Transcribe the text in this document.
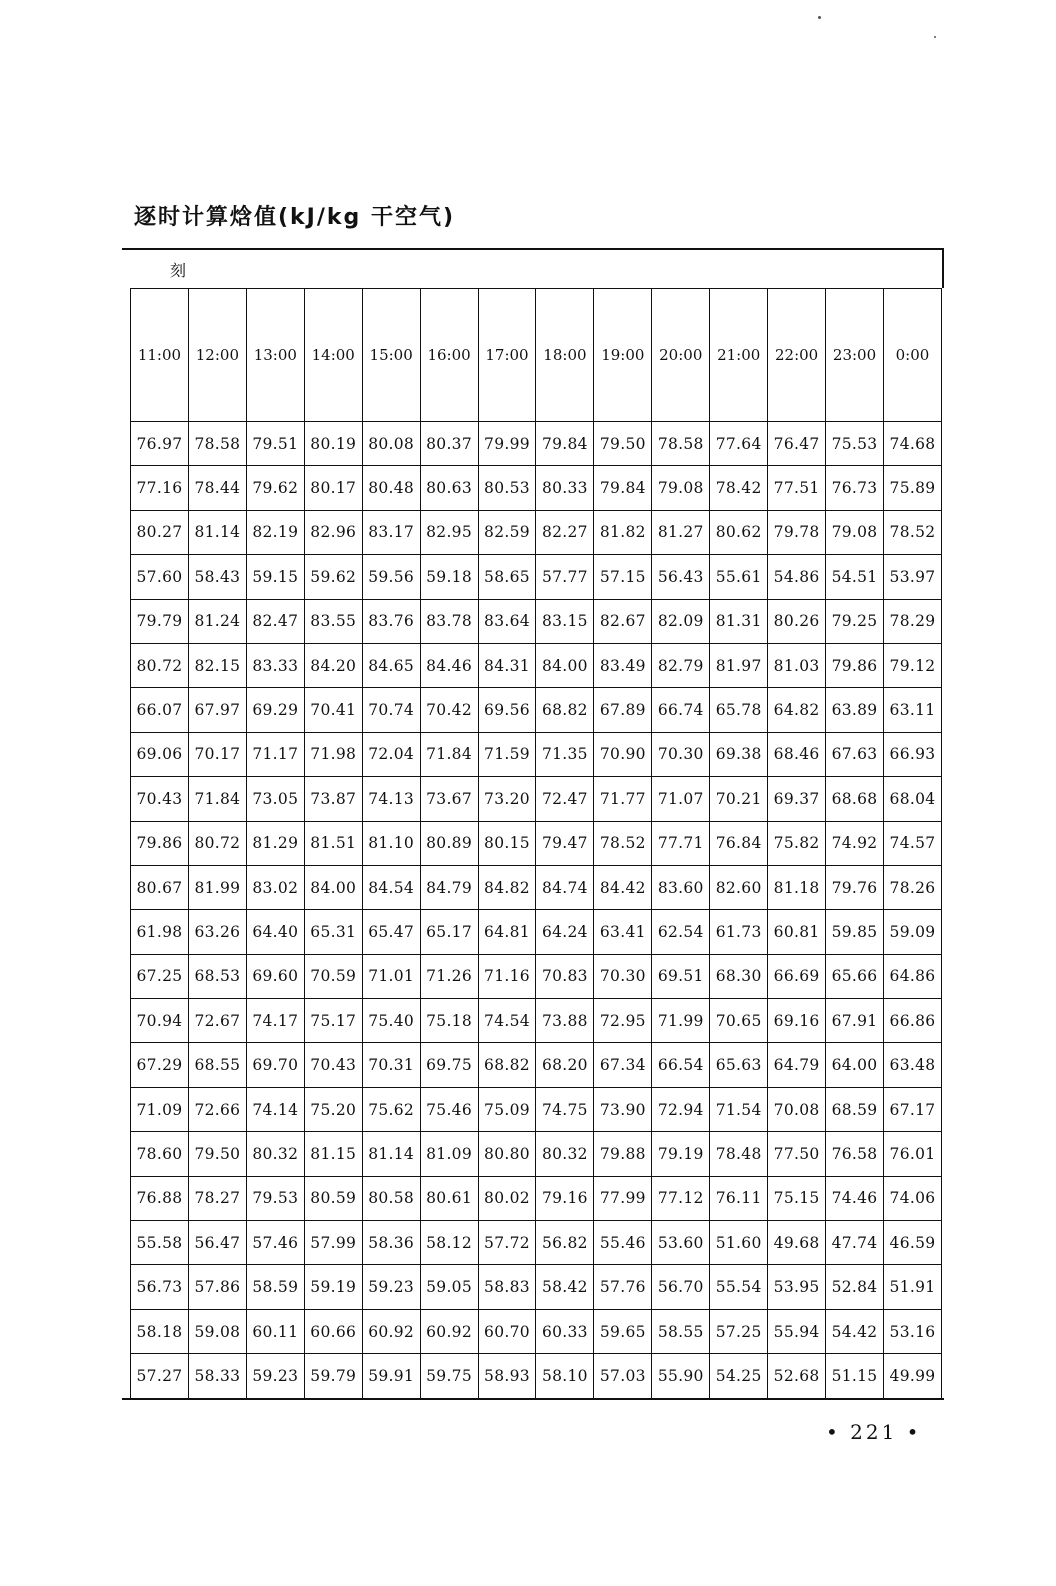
逐时计算焓值(kJ/kg 干空气)
刻
11:00	12:00	13:00	14:00	15:00	16:00	17:00	18:00	19:00	20:00	21:00	22:00	23:00	0:00
76.97	78.58	79.51	80.19	80.08	80.37	79.99	79.84	79.50	78.58	77.64	76.47	75.53	74.68
77.16	78.44	79.62	80.17	80.48	80.63	80.53	80.33	79.84	79.08	78.42	77.51	76.73	75.89
80.27	81.14	82.19	82.96	83.17	82.95	82.59	82.27	81.82	81.27	80.62	79.78	79.08	78.52
57.60	58.43	59.15	59.62	59.56	59.18	58.65	57.77	57.15	56.43	55.61	54.86	54.51	53.97
79.79	81.24	82.47	83.55	83.76	83.78	83.64	83.15	82.67	82.09	81.31	80.26	79.25	78.29
80.72	82.15	83.33	84.20	84.65	84.46	84.31	84.00	83.49	82.79	81.97	81.03	79.86	79.12
66.07	67.97	69.29	70.41	70.74	70.42	69.56	68.82	67.89	66.74	65.78	64.82	63.89	63.11
69.06	70.17	71.17	71.98	72.04	71.84	71.59	71.35	70.90	70.30	69.38	68.46	67.63	66.93
70.43	71.84	73.05	73.87	74.13	73.67	73.20	72.47	71.77	71.07	70.21	69.37	68.68	68.04
79.86	80.72	81.29	81.51	81.10	80.89	80.15	79.47	78.52	77.71	76.84	75.82	74.92	74.57
80.67	81.99	83.02	84.00	84.54	84.79	84.82	84.74	84.42	83.60	82.60	81.18	79.76	78.26
61.98	63.26	64.40	65.31	65.47	65.17	64.81	64.24	63.41	62.54	61.73	60.81	59.85	59.09
67.25	68.53	69.60	70.59	71.01	71.26	71.16	70.83	70.30	69.51	68.30	66.69	65.66	64.86
70.94	72.67	74.17	75.17	75.40	75.18	74.54	73.88	72.95	71.99	70.65	69.16	67.91	66.86
67.29	68.55	69.70	70.43	70.31	69.75	68.82	68.20	67.34	66.54	65.63	64.79	64.00	63.48
71.09	72.66	74.14	75.20	75.62	75.46	75.09	74.75	73.90	72.94	71.54	70.08	68.59	67.17
78.60	79.50	80.32	81.15	81.14	81.09	80.80	80.32	79.88	79.19	78.48	77.50	76.58	76.01
76.88	78.27	79.53	80.59	80.58	80.61	80.02	79.16	77.99	77.12	76.11	75.15	74.46	74.06
55.58	56.47	57.46	57.99	58.36	58.12	57.72	56.82	55.46	53.60	51.60	49.68	47.74	46.59
56.73	57.86	58.59	59.19	59.23	59.05	58.83	58.42	57.76	56.70	55.54	53.95	52.84	51.91
58.18	59.08	60.11	60.66	60.92	60.92	60.70	60.33	59.65	58.55	57.25	55.94	54.42	53.16
57.27	58.33	59.23	59.79	59.91	59.75	58.93	58.10	57.03	55.90	54.25	52.68	51.15	49.99
• 221 •
